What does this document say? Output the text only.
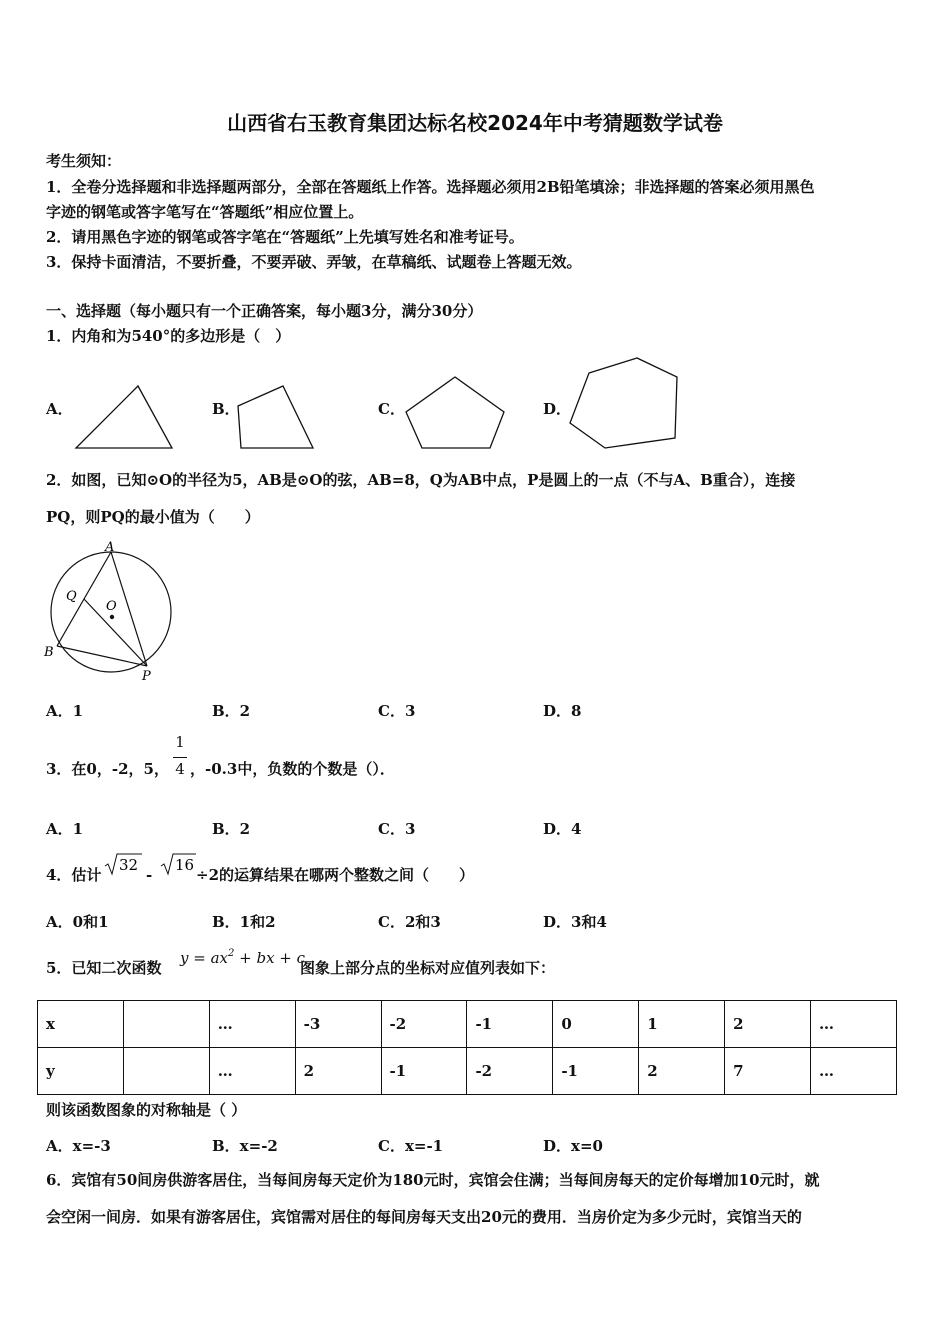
山西省右玉教育集团达标名校2024年中考猜题数学试卷
考生须知：
1．全卷分选择题和非选择题两部分，全部在答题纸上作答。选择题必须用2B铅笔填涂；非选择题的答案必须用黑色
字迹的钢笔或答字笔写在“答题纸”相应位置上。
2．请用黑色字迹的钢笔或答字笔在“答题纸”上先填写姓名和准考证号。
3．保持卡面清洁，不要折叠，不要弄破、弄皱，在草稿纸、试题卷上答题无效。
一、选择题（每小题只有一个正确答案，每小题3分，满分30分）
1．内角和为540°的多边形是（　）
A．	B．	C．	D．
2．如图，已知⊙O的半径为5，AB是⊙O的弦，AB=8，Q为AB中点，P是圆上的一点（不与A、B重合），连接
PQ，则PQ的最小值为（　　）
A
Q
O
B
P
A．1	B．2	C．3	D．8
3．在0，-2，5，
1
4 ，-0.3中，负数的个数是（）．
A．1	B．2	C．3	D．4
4．估计
32
-
16
÷2的运算结果在哪两个整数之间（　　）
A．0和1	B．1和2	C．2和3	D．3和4
5．已知二次函数
$y = ax^2$ + bx + c
图象上部分点的坐标对应值列表如下：
x		…	-3	-2	-1	0	1	2	…
y		…	2	-1	-2	-1	2	7	…
则该函数图象的对称轴是（ ）
A．x=-3	B．x=-2	C．x=-1	D．x=0
6．宾馆有50间房供游客居住，当每间房每天定价为180元时，宾馆会住满；当每间房每天的定价每增加10元时，就
会空闲一间房．如果有游客居住，宾馆需对居住的每间房每天支出20元的费用．当房价定为多少元时，宾馆当天的
